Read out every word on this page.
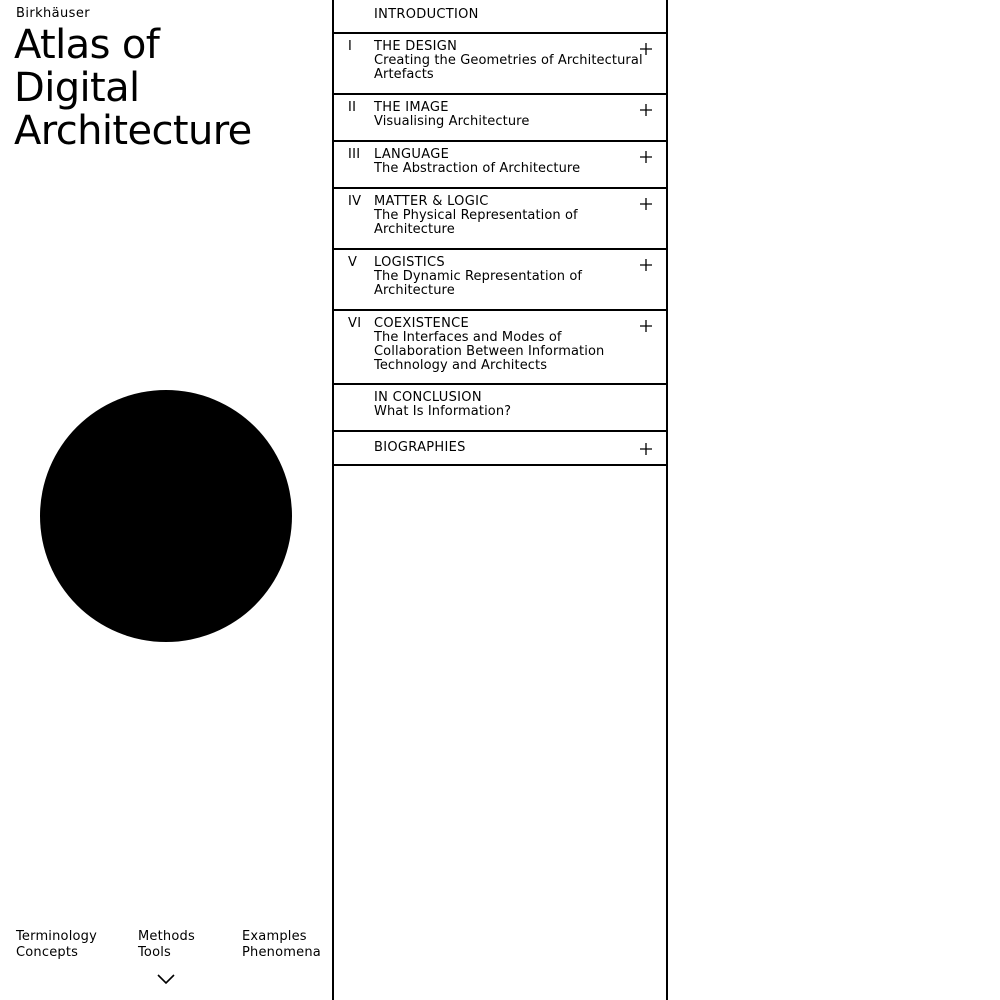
Birkhäuser
Atlas of
Digital
Architecture
Terminology
Concepts
Methods
Tools
Examples
Phenomena
INTRODUCTION
I THE DESIGN
Creating the Geometries of Architectural Artefacts
II THE IMAGE
Visualising Architecture
III LANGUAGE
The Abstraction of Architecture
IV MATTER & LOGIC
The Physical Representation of Architecture
V LOGISTICS
The Dynamic Representation of Architecture
VI COEXISTENCE
The Interfaces and Modes of Collaboration Between Information Technology and Architects
IN CONCLUSION
What Is Information?
BIOGRAPHIES
